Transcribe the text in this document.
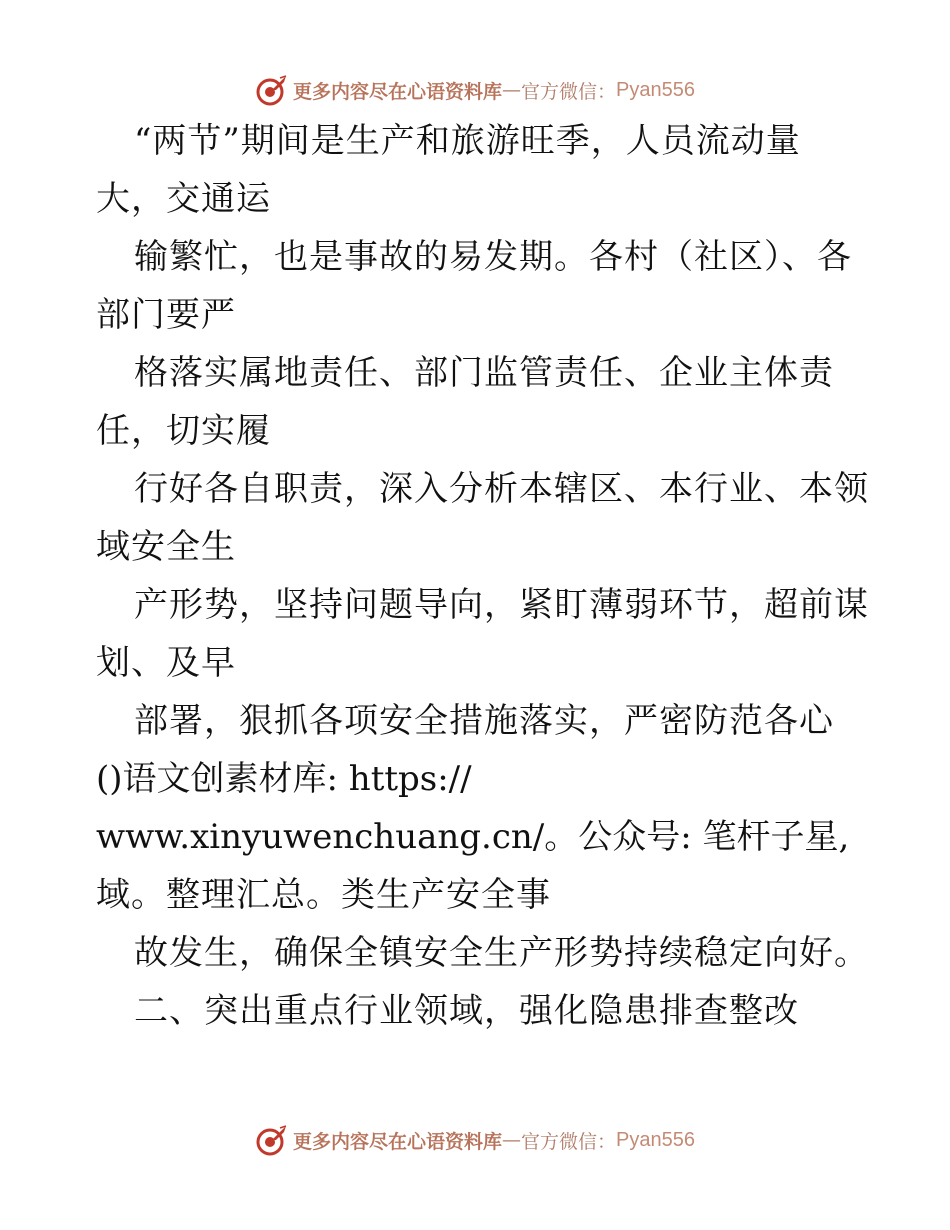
更多内容尽在心语资料库 — 官方微信： Pyan556
“两节”期间是生产和旅游旺季，人员流动量
大，交通运
输繁忙，也是事故的易发期。各村（社区）、各
部门要严
格落实属地责任、部门监管责任、企业主体责
任，切实履
行好各自职责，深入分析本辖区、本行业、本领
域安全生
产形势，坚持问题导向，紧盯薄弱环节，超前谋
划、及早
部署，狠抓各项安全措施落实，严密防范各心
()语文创素材库: https://
www.xinyuwenchuang.cn/。公众号: 笔杆子星,
域。整理汇总。类生产安全事
故发生，确保全镇安全生产形势持续稳定向好。
二、突出重点行业领域，强化隐患排查整改
更多内容尽在心语资料库 — 官方微信： Pyan556
